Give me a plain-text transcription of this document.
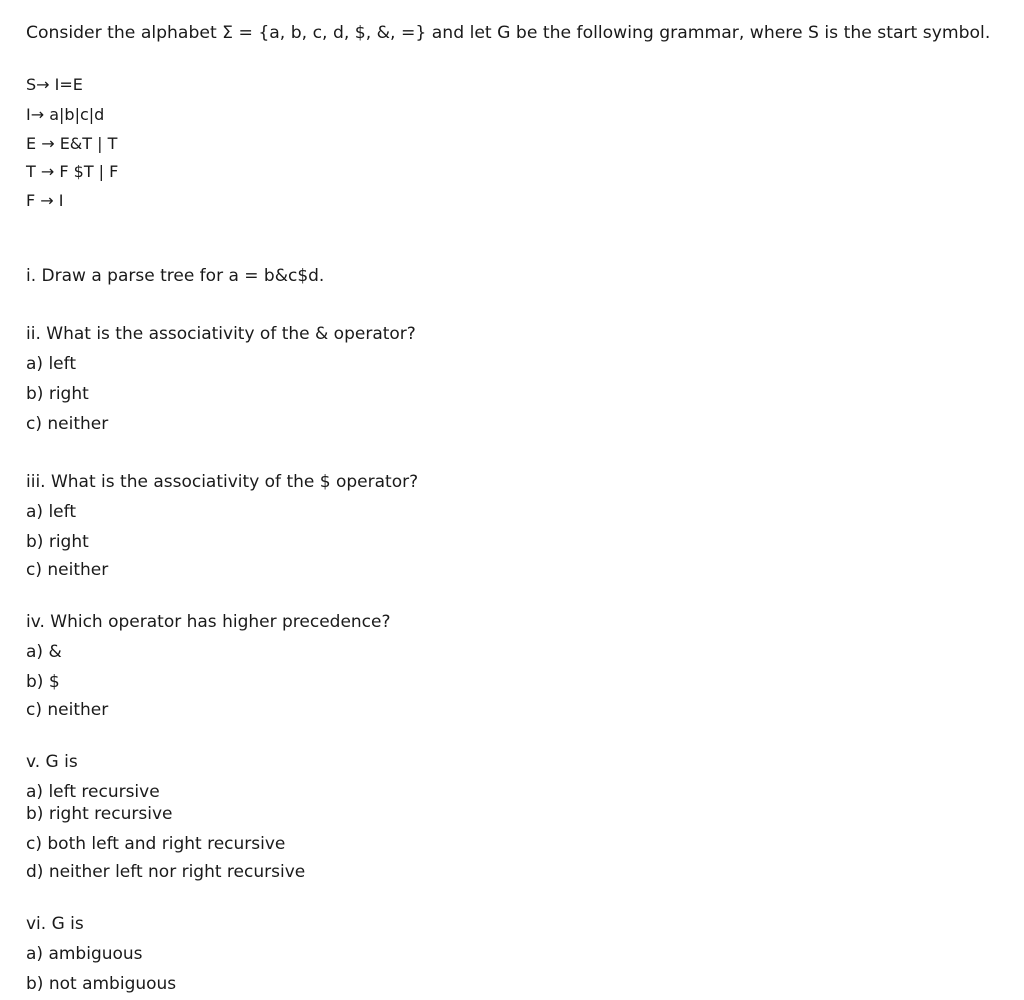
Consider the alphabet Σ = {a, b, c, d, $, &, =} and let G be the following grammar, where S is the start symbol.
S→ I=E
I→ a|b|c|d
E → E&T | T
T → F $T | F
F → I
i. Draw a parse tree for a = b&c$d.
ii. What is the associativity of the & operator?
a) left
b) right
c) neither
iii. What is the associativity of the $ operator?
a) left
b) right
c) neither
iv. Which operator has higher precedence?
a) &
b) $
c) neither
v. G is
a) left recursive
b) right recursive
c) both left and right recursive
d) neither left nor right recursive
vi. G is
a) ambiguous
b) not ambiguous
